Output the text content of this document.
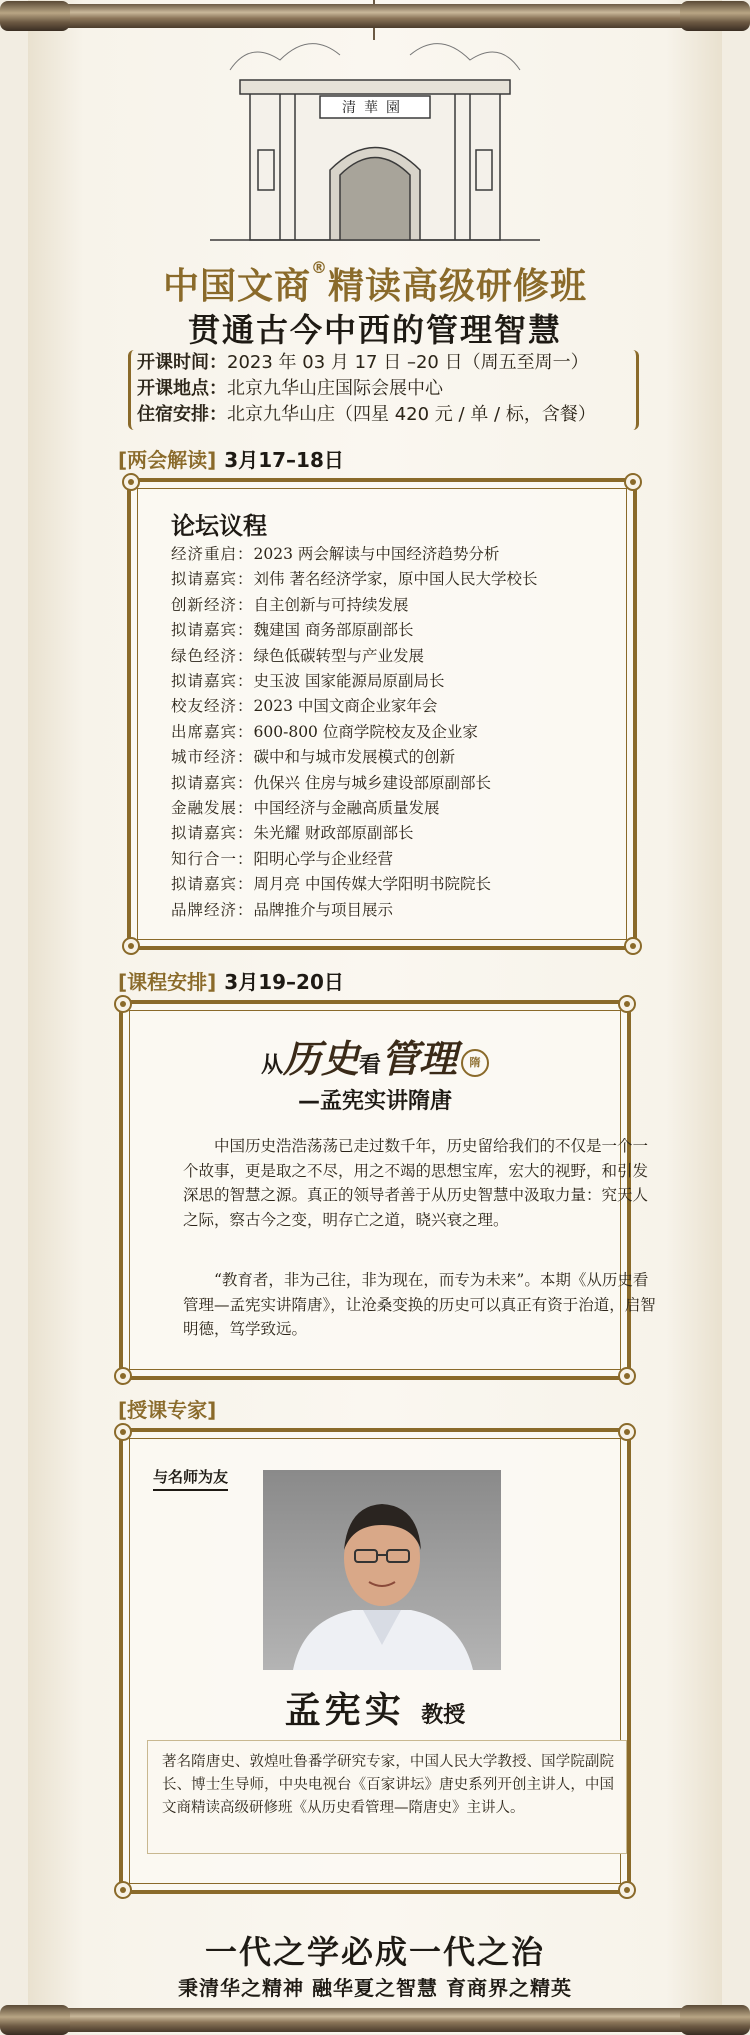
清華園
中国文商®精读高级研修班
贯通古今中西的管理智慧
开课时间：2023 年 03 月 17 日 –20 日（周五至周一）
开课地点：北京九华山庄国际会展中心
住宿安排：北京九华山庄（四星 420 元 / 单 / 标，含餐）
[两会解读] 3月17–18日
论坛议程
经济重启：2023 两会解读与中国经济趋势分析
拟请嘉宾：刘伟 著名经济学家，原中国人民大学校长
创新经济：自主创新与可持续发展
拟请嘉宾：魏建国 商务部原副部长
绿色经济：绿色低碳转型与产业发展
拟请嘉宾：史玉波 国家能源局原副局长
校友经济：2023 中国文商企业家年会
出席嘉宾：600-800 位商学院校友及企业家
城市经济：碳中和与城市发展模式的创新
拟请嘉宾：仇保兴 住房与城乡建设部原副部长
金融发展：中国经济与金融高质量发展
拟请嘉宾：朱光耀 财政部原副部长
知行合一：阳明心学与企业经营
拟请嘉宾：周月亮 中国传媒大学阳明书院院长
品牌经济：品牌推介与项目展示
[课程安排] 3月19–20日
从历史看管理 隋
—孟宪实讲隋唐
中国历史浩浩荡荡已走过数千年，历史留给我们的不仅是一个一个故事，更是取之不尽，用之不竭的思想宝库，宏大的视野，和引发深思的智慧之源。真正的领导者善于从历史智慧中汲取力量：究天人之际，察古今之变，明存亡之道，晓兴衰之理。
“教育者，非为己往，非为现在，而专为未来”。本期《从历史看管理—孟宪实讲隋唐》，让沧桑变换的历史可以真正有资于治道，启智明德，笃学致远。
[授课专家]
与名师为友
孟宪实 教授
著名隋唐史、敦煌吐鲁番学研究专家，中国人民大学教授、国学院副院长、博士生导师，中央电视台《百家讲坛》唐史系列开创主讲人，中国文商精读高级研修班《从历史看管理—隋唐史》主讲人。
一代之学必成一代之治
秉清华之精神 融华夏之智慧 育商界之精英
